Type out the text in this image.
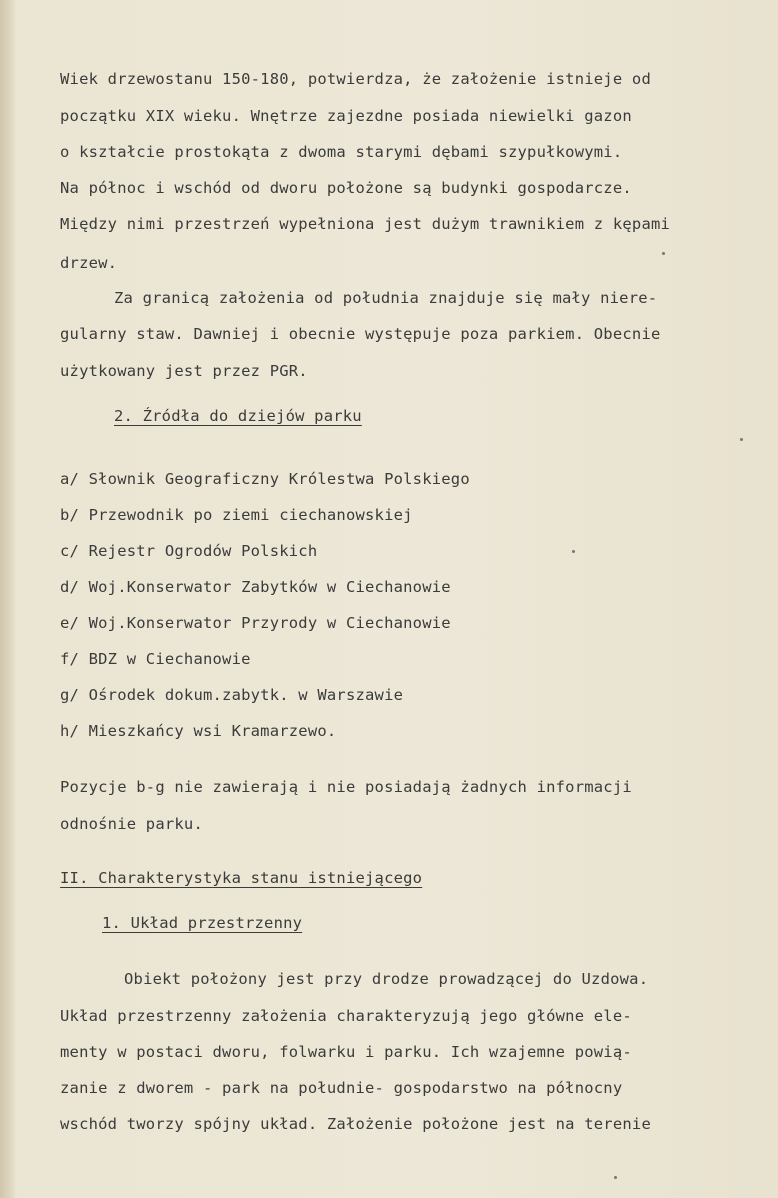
Wiek drzewostanu 150-180, potwierdza, że założenie istnieje od
początku XIX wieku. Wnętrze zajezdne posiada niewielki gazon
o kształcie prostokąta z dwoma starymi dębami szypułkowymi.
Na północ i wschód od dworu położone są budynki gospodarcze.
Między nimi przestrzeń wypełniona jest dużym trawnikiem z kępami
drzew.
Za granicą założenia od południa znajduje się mały niere-
gularny staw. Dawniej i obecnie występuje poza parkiem. Obecnie
użytkowany jest przez PGR.
2. Źródła do dziejów parku
a/ Słownik Geograficzny Królestwa Polskiego
b/ Przewodnik po ziemi ciechanowskiej
c/ Rejestr Ogrodów Polskich
d/ Woj.Konserwator Zabytków w Ciechanowie
e/ Woj.Konserwator Przyrody w Ciechanowie
f/ BDZ w Ciechanowie
g/ Ośrodek dokum.zabytk. w Warszawie
h/ Mieszkańcy wsi Kramarzewo.
Pozycje b-g nie zawierają i nie posiadają żadnych informacji
odnośnie parku.
II. Charakterystyka stanu istniejącego
1. Układ przestrzenny
Obiekt położony jest przy drodze prowadzącej do Uzdowa.
Układ przestrzenny założenia charakteryzują jego główne ele-
menty w postaci dworu, folwarku i parku. Ich wzajemne powią-
zanie z dworem - park na południe- gospodarstwo na północny
wschód tworzy spójny układ. Założenie położone jest na terenie
